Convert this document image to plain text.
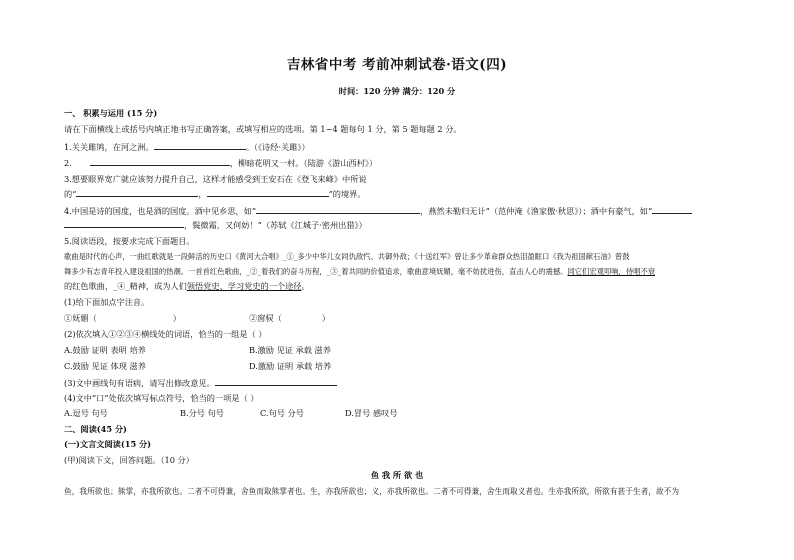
吉林省中考 考前冲刺试卷·语文(四)
时间：120 分钟 满分：120 分
一、 积累与运用 (15 分)
请在下面横线上或括号内填正地书写正确答案，或填写相应的选项。第 1~4 题每句 1 分，第 5 题每题 2 分。
1.关关雎鸠，在河之洲。	。（《诗经·关雎》）
2.	，柳暗花明又一村。（陆游《游山西村》）
3.想要眼界宽广就应该努力提升自己，这样才能感受到王安石在《登飞来峰》中所说
的“	，	”的境界。
4.中国是诗的国度，也是酒的国度。酒中见乡思，如“	，燕然未勒归无计”（范仲淹《渔家傲·秋思》）；酒中有豪气，如“
，鬓微霜，又何妨！”（苏轼《江城子·密州出猎》）
5.阅读语段，按要求完成下面题目。
歌曲是时代的心声，一曲红歌就是一段鲜活的历史口《黄河大合唱》_①_多少中华儿女同仇敌忾、共御外敌；《十送红军》曾让多少革命群众热泪盈眶口《我为祖国献石油》曾鼓
舞多少有志青年投入建设祖国的热潮。一首首红色歌曲，_②_着我们的奋斗历程，_③_着共同的价值追求，歌曲意境妩媚，毫不妨扰进伤，直击人心的震撼。同它们宏观叩响，侍唱不衰
的红色歌曲，_④_精神，成为人们领悟党史、学习党史的一个途径。
(1)给下面加点字注音。
①妩媚（	）	②窗棂（	）
(2)依次填入①②③④横线处的词语，恰当的一组是（ ）
A.鼓励 证明 表明 培养	B.激励 见证 承载 滋养
C.鼓励 见证 体现 滋养	D.激励 证明 承载 培养
(3)文中画线句有语病，请写出修改意见。
(4)文中“口”处依次填写标点符号，恰当的一项是（ ）
A.逗号 句号	B.分号 句号	C.句号 分号	D.冒号 感叹号
二、阅读(45 分)
(一)文言文阅读(15 分)
(甲)阅读下文，回答问题。（10 分）
鱼 我 所 欲 也
鱼，我所欲也；熊掌，亦我所欲也。二者不可得兼，舍鱼而取熊掌者也。生，亦我所欲也；义，亦我所欲也。二者不可得兼，舍生而取义者也。生亦我所欲，所欲有甚于生者，故不为
